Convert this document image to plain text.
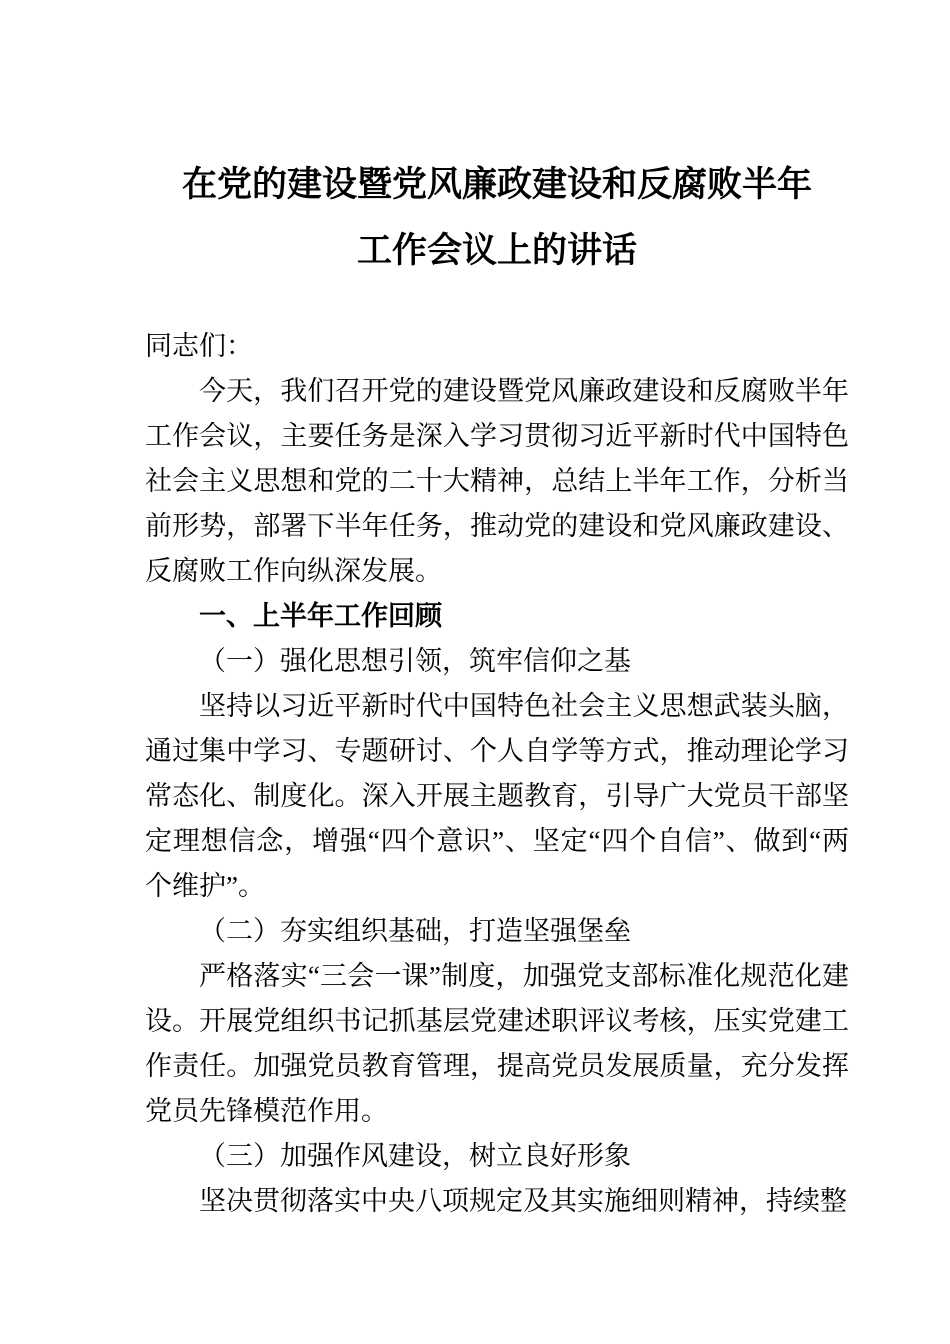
在党的建设暨党风廉政建设和反腐败半年
工作会议上的讲话

同志们：

今天，我们召开党的建设暨党风廉政建设和反腐败半年工作会议，主要任务是深入学习贯彻习近平新时代中国特色社会主义思想和党的二十大精神，总结上半年工作，分析当前形势，部署下半年任务，推动党的建设和党风廉政建设、反腐败工作向纵深发展。

一、上半年工作回顾
（一）强化思想引领，筑牢信仰之基

坚持以习近平新时代中国特色社会主义思想武装头脑，通过集中学习、专题研讨、个人自学等方式，推动理论学习常态化、制度化。深入开展主题教育，引导广大党员干部坚定理想信念，增强“四个意识”、坚定“四个自信”、做到“两个维护”。

（二）夯实组织基础，打造坚强堡垒

严格落实“三会一课”制度，加强党支部标准化规范化建设。开展党组织书记抓基层党建述职评议考核，压实党建工作责任。加强党员教育管理，提高党员发展质量，充分发挥党员先锋模范作用。

（三）加强作风建设，树立良好形象

坚决贯彻落实中央八项规定及其实施细则精神，持续整
